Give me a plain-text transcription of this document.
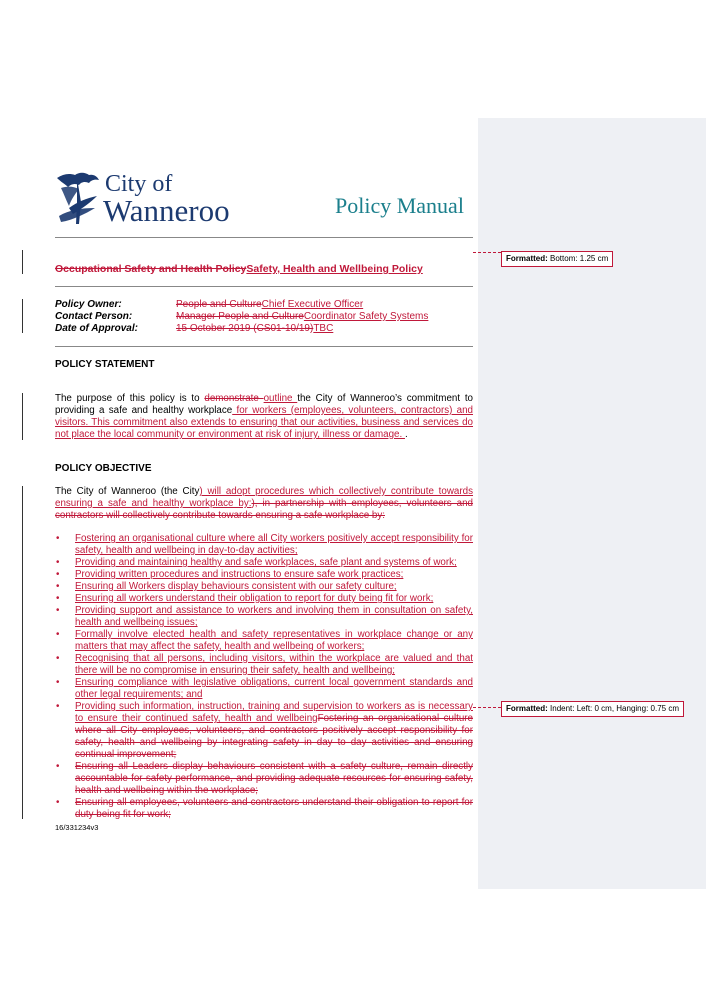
City of
Wanneroo	Policy Manual
Occupational Safety and Health PolicySafety, Health and Wellbeing Policy
Policy Owner:	People and CultureChief Executive Officer
Contact Person:	Manager People and CultureCoordinator Safety Systems
Date of Approval:	15 October 2019 (CS01-10/19)TBC
POLICY STATEMENT
The purpose of this policy is to demonstrate outline the City of Wanneroo’s commitment to providing a safe and healthy workplace for workers (employees, volunteers, contractors) and visitors. This commitment also extends to ensuring that our activities, business and services do not place the local community or environment at risk of injury, illness or damage. .
POLICY OBJECTIVE
The City of Wanneroo (the City) will adopt procedures which collectively contribute towards ensuring a safe and healthy workplace by:), in partnership with employees, volunteers and contractors will collectively contribute towards ensuring a safe workplace by:
• Fostering an organisational culture where all City workers positively accept responsibility for safety, health and wellbeing in day-to-day activities;
• Providing and maintaining healthy and safe workplaces, safe plant and systems of work;
• Providing written procedures and instructions to ensure safe work practices;
• Ensuring all Workers display behaviours consistent with our safety culture;
• Ensuring all workers understand their obligation to report for duty being fit for work;
• Providing support and assistance to workers and involving them in consultation on safety, health and wellbeing issues;
• Formally involve elected health and safety representatives in workplace change or any matters that may affect the safety, health and wellbeing of workers;
• Recognising that all persons, including visitors, within the workplace are valued and that there will be no compromise in ensuring their safety, health and wellbeing;
• Ensuring compliance with legislative obligations, current local government standards and other legal requirements; and
• Providing such information, instruction, training and supervision to workers as is necessary to ensure their continued safety, health and wellbeingFostering an organisational culture where all City employees, volunteers, and contractors positively accept responsibility for safety, health and wellbeing by integrating safety in day to day activities and ensuring continual improvement;
• Ensuring all Leaders display behaviours consistent with a safety culture, remain directly accountable for safety performance, and providing adequate resources for ensuring safety, health and wellbeing within the workplace;
• Ensuring all employees, volunteers and contractors understand their obligation to report for duty being fit for work;
16/331234v3
Formatted: Bottom: 1.25 cm
Formatted: Indent: Left: 0 cm, Hanging: 0.75 cm
